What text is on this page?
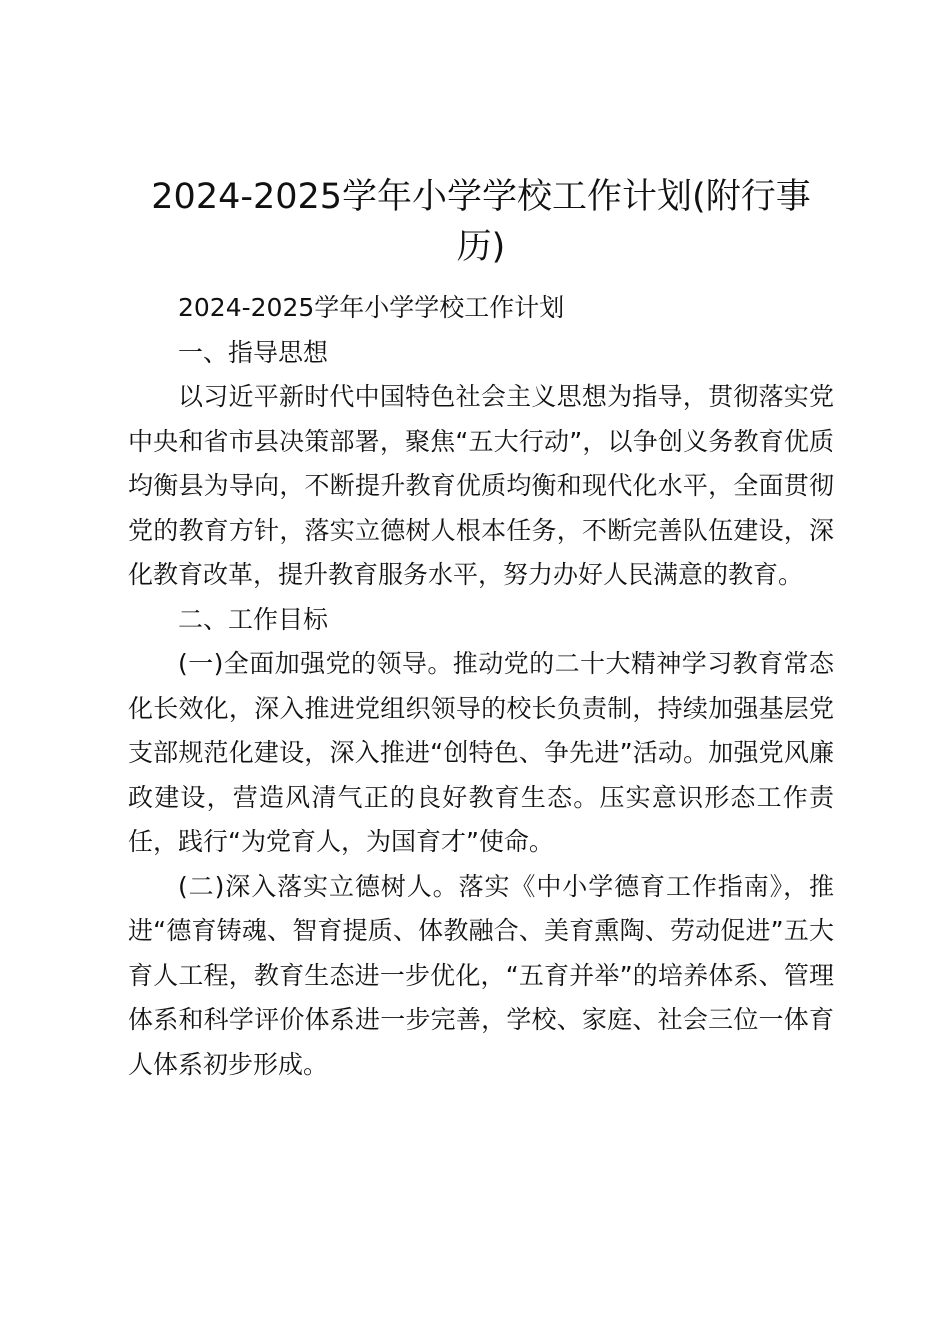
2024-2025学年小学学校工作计划(附行事历)

2024-2025学年小学学校工作计划

一、指导思想

以习近平新时代中国特色社会主义思想为指导，贯彻落实党中央和省市县决策部署，聚焦“五大行动”，以争创义务教育优质均衡县为导向，不断提升教育优质均衡和现代化水平，全面贯彻党的教育方针，落实立德树人根本任务，不断完善队伍建设，深化教育改革，提升教育服务水平，努力办好人民满意的教育。

二、工作目标

(一)全面加强党的领导。推动党的二十大精神学习教育常态化长效化，深入推进党组织领导的校长负责制，持续加强基层党支部规范化建设，深入推进“创特色、争先进”活动。加强党风廉政建设，营造风清气正的良好教育生态。压实意识形态工作责任，践行“为党育人，为国育才”使命。

(二)深入落实立德树人。落实《中小学德育工作指南》，推进“德育铸魂、智育提质、体教融合、美育熏陶、劳动促进”五大育人工程，教育生态进一步优化，“五育并举”的培养体系、管理体系和科学评价体系进一步完善，学校、家庭、社会三位一体育人体系初步形成。
